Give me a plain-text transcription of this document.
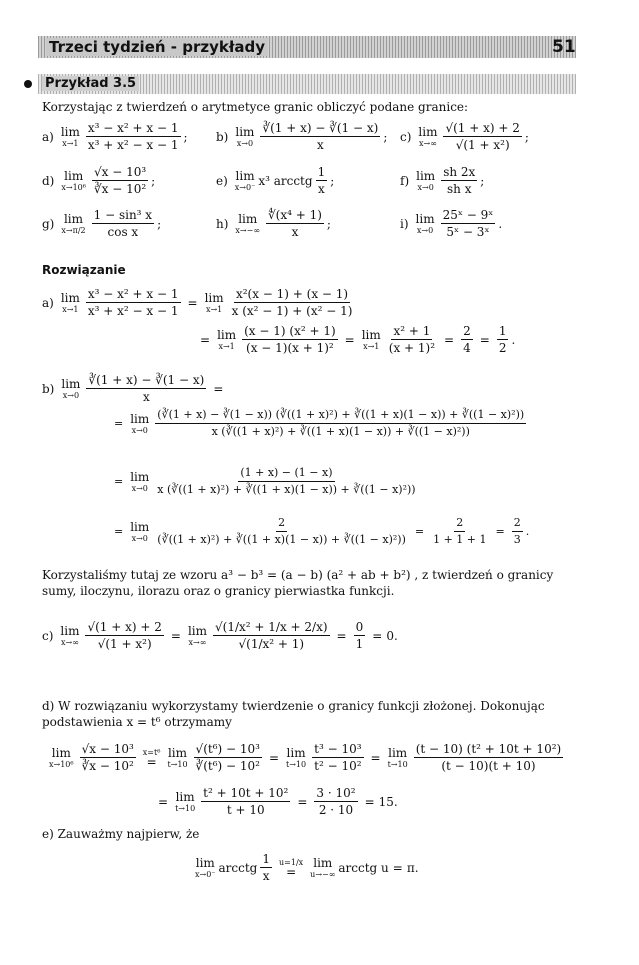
Trzeci tydzień - przykłady	51
Przykład 3.5
Korzystając z twierdzeń o arytmetyce granic obliczyć podane granice:
a) lim
$x\to 1 \frac{\text{x³ − x² + x − 1}}{\text{x³ + x² − x − 1}}$ ; b) lim
$x\to 0 \frac{∛(1 + x) - ∛(1 - x)}{x}$ ; c) lim
$x\to\infty \frac{√(1 + x) + 2}{\text{√(1 + x²)}}$ ;
d) lim
$x\to 10^6 \frac{\text{√x − 10³}}{\text{∛x − 10²}}$ ;	e) lim
x→0⁻ x³ arcctg $\frac{1}{x}$ ;	f) lim
$x\to 0 \frac{sh 2x}{\text{sh x}}$ ;
g) lim
$x\to\pi/2 \frac{\text{1 − sin³ x}}{\text{cos x}}$ ;	h) lim
$x\to-\infty \frac{\text{∜(x⁴ + 1)}}{x}$ ;	i) lim
$x\to 0 \frac{\text{25ˣ − 9ˣ}}{\text{5ˣ − 3ˣ}}$ .
Rozwiązanie
a) lim
$x\to 1 \frac{\text{x³ − x² + x − 1}}{\text{x³ + x² − x − 1}} = \lim$
$x\to 1 \frac{\text{x²(x − 1) + (x − 1)}}{\text{x (x² − 1) + (x² − 1)}}$
= lim
$x\to 1 \frac{\text{(x − 1) (x² + 1)}}{\text{(x − 1)(x + 1)²}} = \lim$
$x\to 1 \frac{\text{x² + 1}}{\text{(x + 1)²}} = \frac{2}{4} = \frac{1}{2}$ .
b) lim
$x\to 0 \frac{∛(1 + x) - ∛(1 - x)}{x}$ =
= lim
x→0
(∛(1 + x) − ∛(1 − x)) (∛((1 + x)²) + ∛((1 + x)(1 − x)) + ∛((1 − x)²))
x (∛((1 + x)²) + ∛((1 + x)(1 − x)) + ∛((1 − x)²))
= lim
$x\to 0 \frac{(1 + x) - (1 - x)}{\text{x (∛((1 + x)²) + ∛((1 + x)(1 − x)) + ∛((1 − x)²))}}$
= lim
$x\to 0 \frac{2}{\text{(∛((1 + x)²) + ∛((1 + x)(1 − x)) + ∛((1 − x)²))}} = \frac{2}{1 + 1 + 1} = \frac{2}{3}$ .
Korzystaliśmy tutaj ze wzoru a³ − b³ = (a − b) (a² + ab + b²) , z twierdzeń o granicy sumy, iloczynu, ilorazu oraz o granicy pierwiastka funkcji.
c) lim
$x\to\infty \frac{√(1 + x) + 2}{\text{√(1 + x²)}} = \lim$
$x\to\infty \frac{\text{√(1/x² + 1/x + 2/x)}}{\text{√(1/x² + 1)}} = \frac{0}{1} = 0$ .
d) W rozwiązaniu wykorzystamy twierdzenie o granicy funkcji złożonej. Dokonując podstawienia x = t⁶ otrzymamy
lim
$x\to 10^6 \frac{\text{√x − 10³}}{\text{∛x − 10²}} x=t^6$
=
lim
$t\to 10 \frac{\text{√(t⁶) − 10³}}{\text{∛(t⁶) − 10²}} = \lim$
$t\to 10 \frac{\text{t³ − 10³}}{\text{t² − 10²}} = \lim$
$t\to 10 \frac{\text{(t − 10) (t² + 10t + 10²)}}{(t - 10)(t + 10)}$
= lim
$t\to 10 \frac{\text{t² + 10t + 10²}}{t + 10} = \frac{\text{3 · 10²}}{2 \cdot 10} = 15$ .
e) Zauważmy najpierw, że
lim
x→0⁻ arcctg $\frac{1}{x} u=1/x$
=
lim
u→−∞ arcctg u = π .
